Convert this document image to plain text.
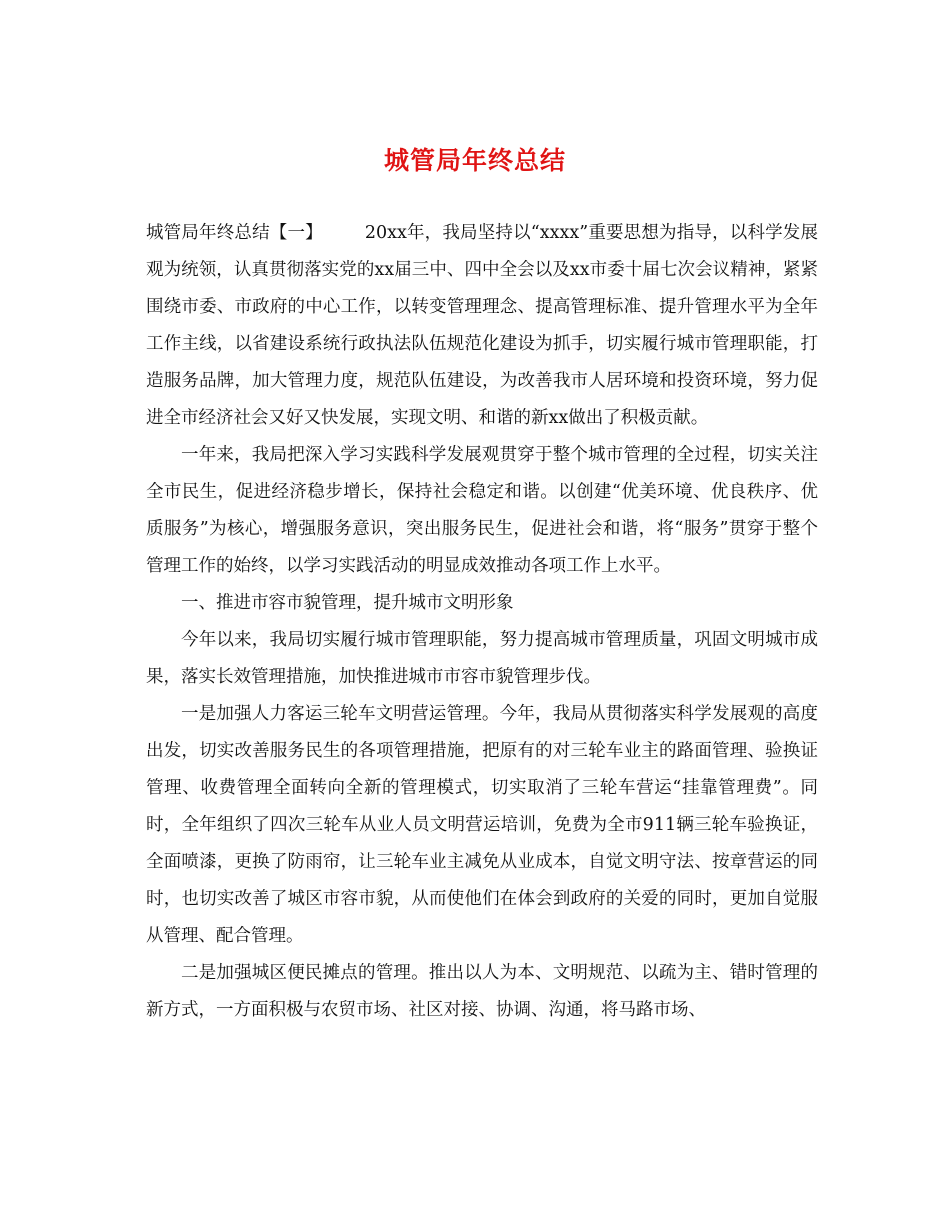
城管局年终总结

城管局年终总结【一】 20xx年，我局坚持以“xxxx”重要思想为指导，以科学发展观为统领，认真贯彻落实党的xx届三中、四中全会以及xx市委十届七次会议精神，紧紧围绕市委、市政府的中心工作，以转变管理理念、提高管理标准、提升管理水平为全年工作主线，以省建设系统行政执法队伍规范化建设为抓手，切实履行城市管理职能，打造服务品牌，加大管理力度，规范队伍建设，为改善我市人居环境和投资环境，努力促进全市经济社会又好又快发展，实现文明、和谐的新xx做出了积极贡献。

一年来，我局把深入学习实践科学发展观贯穿于整个城市管理的全过程，切实关注全市民生，促进经济稳步增长，保持社会稳定和谐。以创建“优美环境、优良秩序、优质服务”为核心，增强服务意识，突出服务民生，促进社会和谐，将“服务”贯穿于整个管理工作的始终，以学习实践活动的明显成效推动各项工作上水平。

一、推进市容市貌管理，提升城市文明形象

今年以来，我局切实履行城市管理职能，努力提高城市管理质量，巩固文明城市成果，落实长效管理措施，加快推进城市市容市貌管理步伐。

一是加强人力客运三轮车文明营运管理。今年，我局从贯彻落实科学发展观的高度出发，切实改善服务民生的各项管理措施，把原有的对三轮车业主的路面管理、验换证管理、收费管理全面转向全新的管理模式，切实取消了三轮车营运“挂靠管理费”。同时，全年组织了四次三轮车从业人员文明营运培训，免费为全市911辆三轮车验换证，全面喷漆，更换了防雨帘，让三轮车业主减免从业成本，自觉文明守法、按章营运的同时，也切实改善了城区市容市貌，从而使他们在体会到政府的关爱的同时，更加自觉服从管理、配合管理。

二是加强城区便民摊点的管理。推出以人为本、文明规范、以疏为主、错时管理的新方式，一方面积极与农贸市场、社区对接、协调、沟通，将马路市场、
